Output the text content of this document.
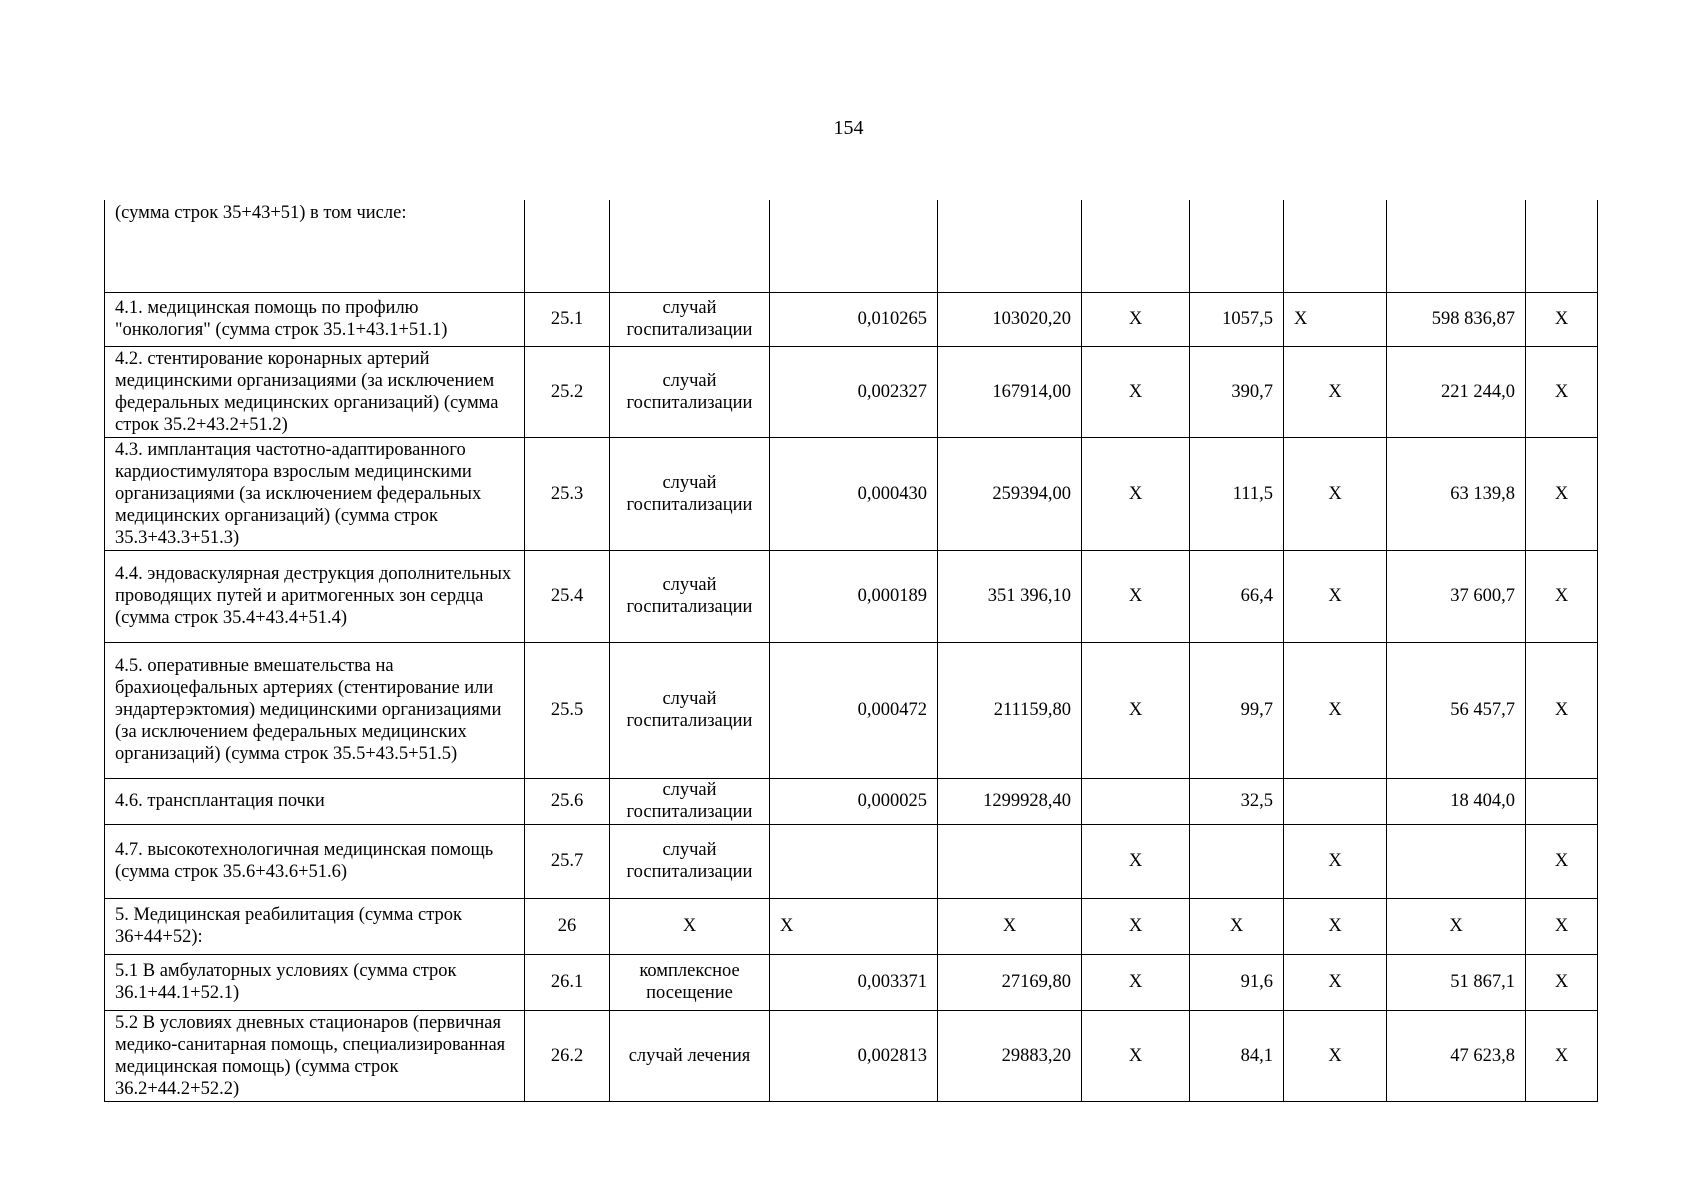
154
(сумма строк 35+43+51) в том числе:									
4.1. медицинская помощь по профилю "онкология" (сумма строк 35.1+43.1+51.1)	25.1	случай госпитализации	0,010265	103020,20	X	1057,5	X	598 836,87	X
4.2. стентирование коронарных артерий медицинскими организациями (за исключением федеральных медицинских организаций) (сумма строк 35.2+43.2+51.2)	25.2	случай госпитализации	0,002327	167914,00	X	390,7	X	221 244,0	X
4.3. имплантация частотно-адаптированного кардиостимулятора взрослым медицинскими организациями (за исключением федеральных медицинских организаций) (сумма строк 35.3+43.3+51.3)	25.3	случай госпитализации	0,000430	259394,00	X	111,5	X	63 139,8	X
4.4. эндоваскулярная деструкция дополнительных проводящих путей и аритмогенных зон сердца (сумма строк 35.4+43.4+51.4)	25.4	случай госпитализации	0,000189	351 396,10	X	66,4	X	37 600,7	X
4.5. оперативные вмешательства на брахиоцефальных артериях (стентирование или эндартерэктомия) медицинскими организациями (за исключением федеральных медицинских организаций) (сумма строк 35.5+43.5+51.5)	25.5	случай госпитализации	0,000472	211159,80	X	99,7	X	56 457,7	X
4.6. трансплантация почки	25.6	случай госпитализации	0,000025	1299928,40		32,5		18 404,0	
4.7. высокотехнологичная медицинская помощь (сумма строк 35.6+43.6+51.6)	25.7	случай госпитализации			X		X		X
5. Медицинская реабилитация (сумма строк 36+44+52):	26	X	X	X	X	X	X	X	X
5.1 В амбулаторных условиях (сумма строк 36.1+44.1+52.1)	26.1	комплексное посещение	0,003371	27169,80	X	91,6	X	51 867,1	X
5.2 В условиях дневных стационаров (первичная медико-санитарная помощь, специализированная медицинская помощь) (сумма строк 36.2+44.2+52.2)	26.2	случай лечения	0,002813	29883,20	X	84,1	X	47 623,8	X
